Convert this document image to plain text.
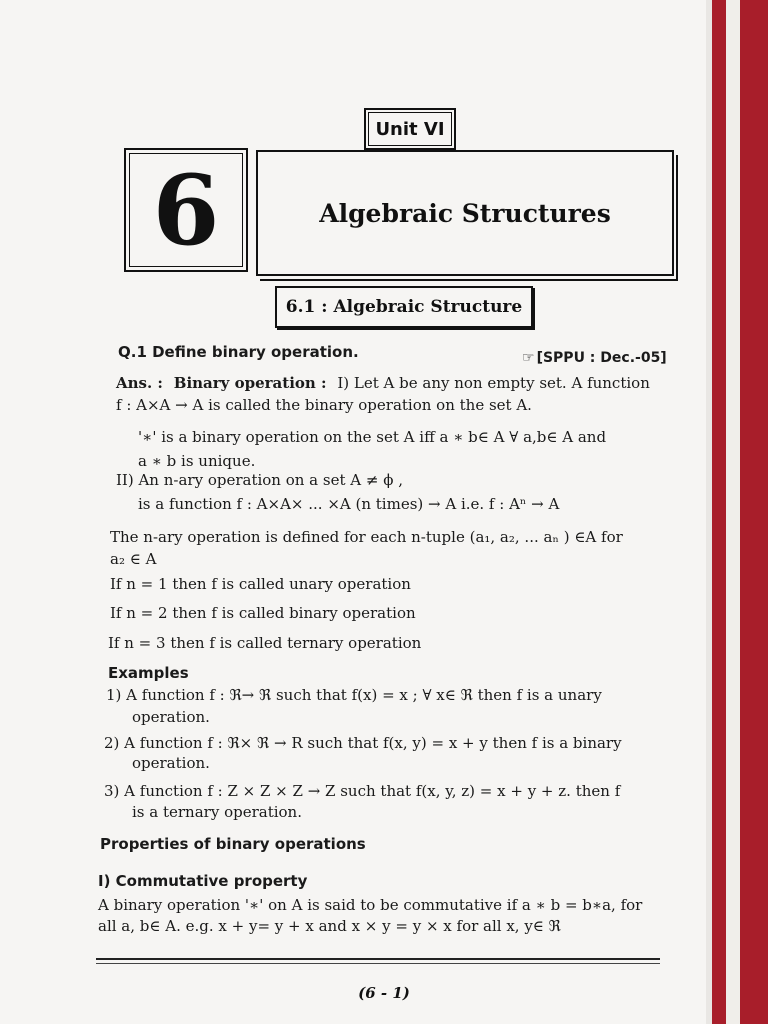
Unit VI
6	Algebraic Structures
6.1 : Algebraic Structure
Q.1 Define binary operation.	☞ [SPPU : Dec.-05]
Ans. : Binary operation : I) Let A be any non empty set. A function
f : A×A → A is called the binary operation on the set A.
'∗' is a binary operation on the set A iff a ∗ b∈ A ∀ a,b∈ A and
a ∗ b is unique.
II) An n-ary operation on a set A ≠ ϕ ,
is a function f : A×A× ... ×A (n times) → A i.e. f : Aⁿ → A
The n-ary operation is defined for each n-tuple (a₁, a₂, ... aₙ ) ∈A for
a₂ ∈ A
If n = 1 then f is called unary operation
If n = 2 then f is called binary operation
If n = 3 then f is called ternary operation
Examples
1) A function f : ℜ→ ℜ such that f(x) = x ; ∀ x∈ ℜ then f is a unary
operation.
2) A function f : ℜ× ℜ → R such that f(x, y) = x + y then f is a binary
operation.
3) A function f : Z × Z × Z → Z such that f(x, y, z) = x + y + z. then f
is a ternary operation.
Properties of binary operations
I) Commutative property
A binary operation '∗' on A is said to be commutative if a ∗ b = b∗a, for
all a, b∈ A. e.g. x + y= y + x and x × y = y × x for all x, y∈ ℜ
(6 - 1)
